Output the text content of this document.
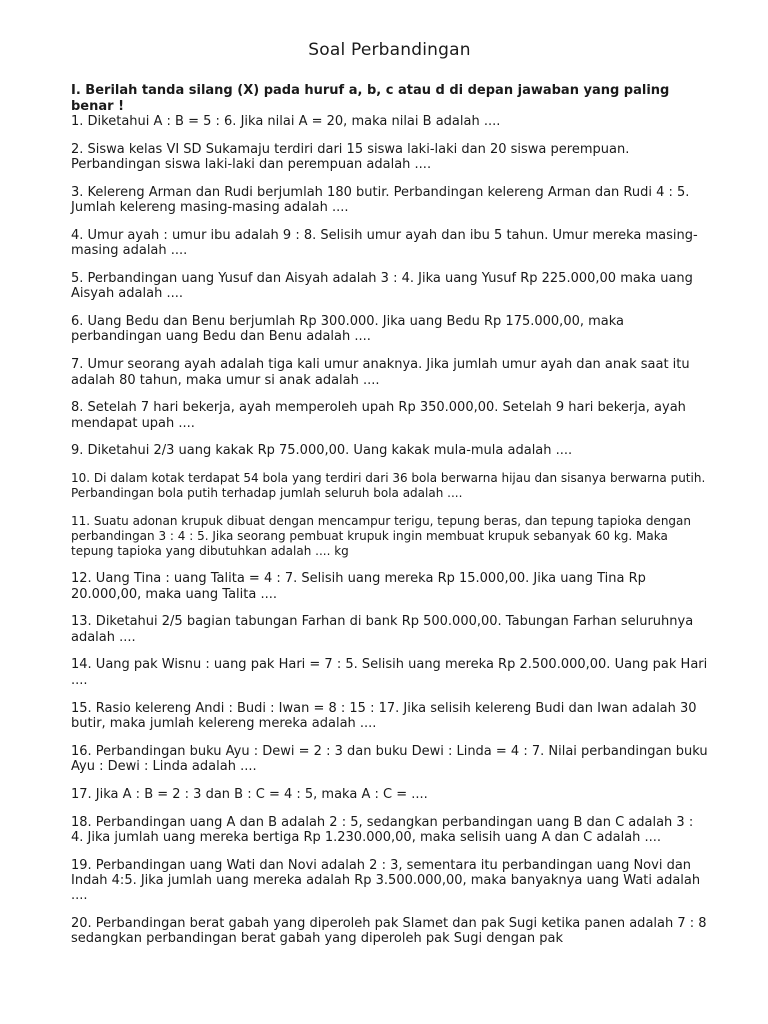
Soal Perbandingan

I. Berilah tanda silang (X) pada huruf a, b, c atau d di depan jawaban yang paling benar !

1. Diketahui A : B = 5 : 6. Jika nilai A = 20, maka nilai B adalah ....
2. Siswa kelas VI SD Sukamaju terdiri dari 15 siswa laki-laki dan 20 siswa perempuan. Perbandingan siswa laki-laki dan perempuan adalah ....
3. Kelereng Arman dan Rudi berjumlah 180 butir. Perbandingan kelereng Arman dan Rudi 4 : 5. Jumlah kelereng masing-masing adalah ....
4. Umur ayah : umur ibu adalah 9 : 8. Selisih umur ayah dan ibu 5 tahun. Umur mereka masing-masing adalah ....
5. Perbandingan uang Yusuf dan Aisyah adalah 3 : 4. Jika uang Yusuf Rp 225.000,00 maka uang Aisyah adalah ....
6. Uang Bedu dan Benu berjumlah Rp 300.000. Jika uang Bedu Rp 175.000,00, maka perbandingan uang Bedu dan Benu adalah ....
7. Umur seorang ayah adalah tiga kali umur anaknya. Jika jumlah umur ayah dan anak saat itu adalah 80 tahun, maka umur si anak adalah ....
8. Setelah 7 hari bekerja, ayah memperoleh upah Rp 350.000,00. Setelah 9 hari bekerja, ayah mendapat upah ....
9. Diketahui 2/3 uang kakak Rp 75.000,00. Uang kakak mula-mula adalah ....
10. Di dalam kotak terdapat 54 bola yang terdiri dari 36 bola berwarna hijau dan sisanya berwarna putih. Perbandingan bola putih terhadap jumlah seluruh bola adalah ....
11. Suatu adonan krupuk dibuat dengan mencampur terigu, tepung beras, dan tepung tapioka dengan perbandingan 3 : 4 : 5. Jika seorang pembuat krupuk ingin membuat krupuk sebanyak 60 kg. Maka tepung tapioka yang dibutuhkan adalah .... kg
12. Uang Tina : uang Talita = 4 : 7. Selisih uang mereka Rp 15.000,00. Jika uang Tina Rp 20.000,00, maka uang Talita ....
13. Diketahui 2/5 bagian tabungan Farhan di bank Rp 500.000,00. Tabungan Farhan seluruhnya adalah ....
14. Uang pak Wisnu : uang pak Hari = 7 : 5. Selisih uang mereka Rp 2.500.000,00. Uang pak Hari ....
15. Rasio kelereng Andi : Budi : Iwan = 8 : 15 : 17. Jika selisih kelereng Budi dan Iwan adalah 30 butir, maka jumlah kelereng mereka adalah ....
16. Perbandingan buku Ayu : Dewi = 2 : 3 dan buku Dewi : Linda = 4 : 7. Nilai perbandingan buku Ayu : Dewi : Linda adalah ....
17. Jika A : B = 2 : 3 dan B : C = 4 : 5, maka A : C = ....
18. Perbandingan uang A dan B adalah 2 : 5, sedangkan perbandingan uang B dan C adalah 3 : 4. Jika jumlah uang mereka bertiga Rp 1.230.000,00, maka selisih uang A dan C adalah ....
19. Perbandingan uang Wati dan Novi adalah 2 : 3, sementara itu perbandingan uang Novi dan Indah 4:5. Jika jumlah uang mereka adalah Rp 3.500.000,00, maka banyaknya uang Wati adalah ....
20. Perbandingan berat gabah yang diperoleh pak Slamet dan pak Sugi ketika panen adalah 7 : 8 sedangkan perbandingan berat gabah yang diperoleh pak Sugi dengan pak
